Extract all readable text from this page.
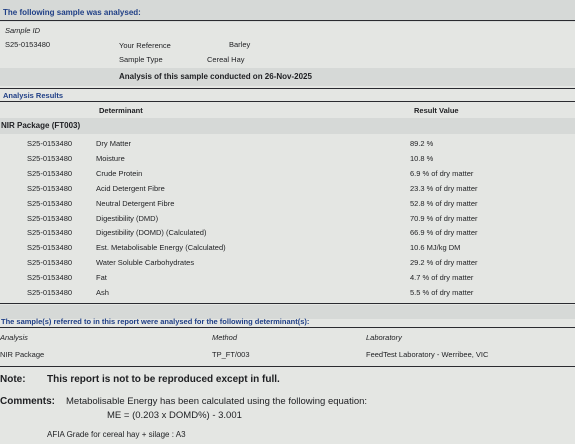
The following sample was analysed:
Sample ID
S25-0153480	Your Reference	Barley
Sample Type	Cereal Hay
Analysis of this sample conducted on 26-Nov-2025
Analysis Results
Determinant	Result Value
NIR Package (FT003)
S25-0153480	Dry Matter	89.2 %
S25-0153480	Moisture	10.8 %
S25-0153480	Crude Protein	6.9 % of dry matter
S25-0153480	Acid Detergent Fibre	23.3 % of dry matter
S25-0153480	Neutral Detergent Fibre	52.8 % of dry matter
S25-0153480	Digestibility (DMD)	70.9 % of dry matter
S25-0153480	Digestibility (DOMD) (Calculated)	66.9 % of dry matter
S25-0153480	Est. Metabolisable Energy (Calculated)	10.6 MJ/kg DM
S25-0153480	Water Soluble Carbohydrates	29.2 % of dry matter
S25-0153480	Fat	4.7 % of dry matter
S25-0153480	Ash	5.5 % of dry matter
The sample(s) referred to in this report were analysed for the following determinant(s):
Analysis	Method	Laboratory
NIR Package	TP_FT/003	FeedTest Laboratory - Werribee, VIC
Note: This report is not to be reproduced except in full.
Comments: Metabolisable Energy has been calculated using the following equation:
ME = (0.203 x DOMD%) - 3.001
AFIA Grade for cereal hay + silage : A3
